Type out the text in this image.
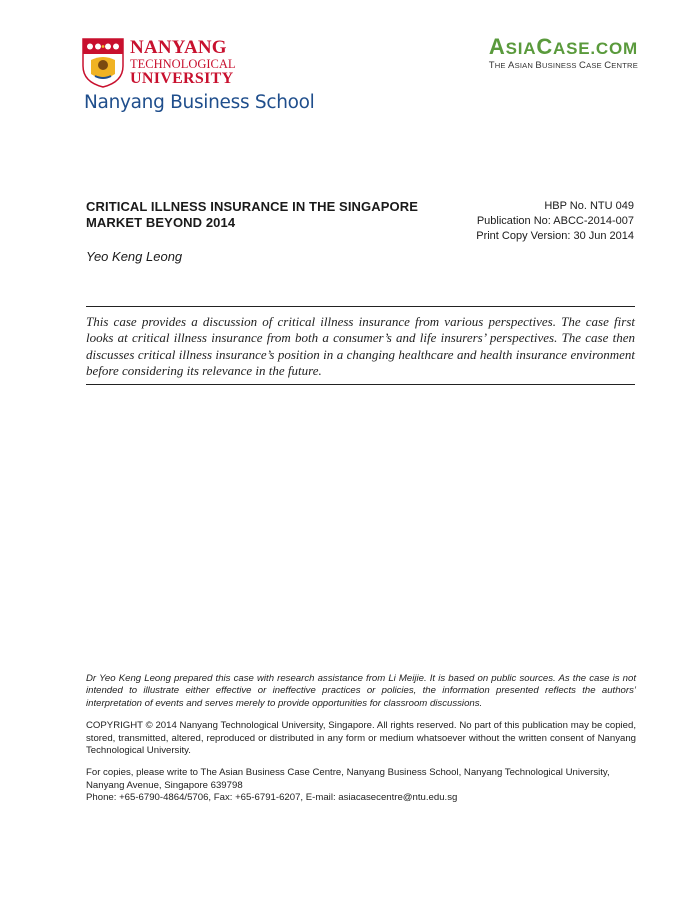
NANYANG
TECHNOLOGICAL
UNIVERSITY
Nanyang Business School
ASIACASE.COM
THE ASIAN BUSINESS CASE CENTRE
CRITICAL ILLNESS INSURANCE IN THE SINGAPORE
MARKET BEYOND 2014
HBP No. NTU 049
Publication No: ABCC-2014-007
Print Copy Version: 30 Jun 2014
Yeo Keng Leong

This case provides a discussion of critical illness insurance from various perspectives. The case first looks at critical illness insurance from both a consumer’s and life insurers’ perspectives. The case then discusses critical illness insurance’s position in a changing healthcare and health insurance environment before considering its relevance in the future.

Dr Yeo Keng Leong prepared this case with research assistance from Li Meijie. It is based on public sources. As the case is not intended to illustrate either effective or ineffective practices or policies, the information presented reflects the authors’ interpretation of events and serves merely to provide opportunities for classroom discussions.

COPYRIGHT © 2014 Nanyang Technological University, Singapore. All rights reserved. No part of this publication may be copied, stored, transmitted, altered, reproduced or distributed in any form or medium whatsoever without the written consent of Nanyang Technological University.

For copies, please write to The Asian Business Case Centre, Nanyang Business School, Nanyang Technological University,
Nanyang Avenue, Singapore 639798
Phone: +65-6790-4864/5706, Fax: +65-6791-6207, E-mail: asiacasecentre@ntu.edu.sg
